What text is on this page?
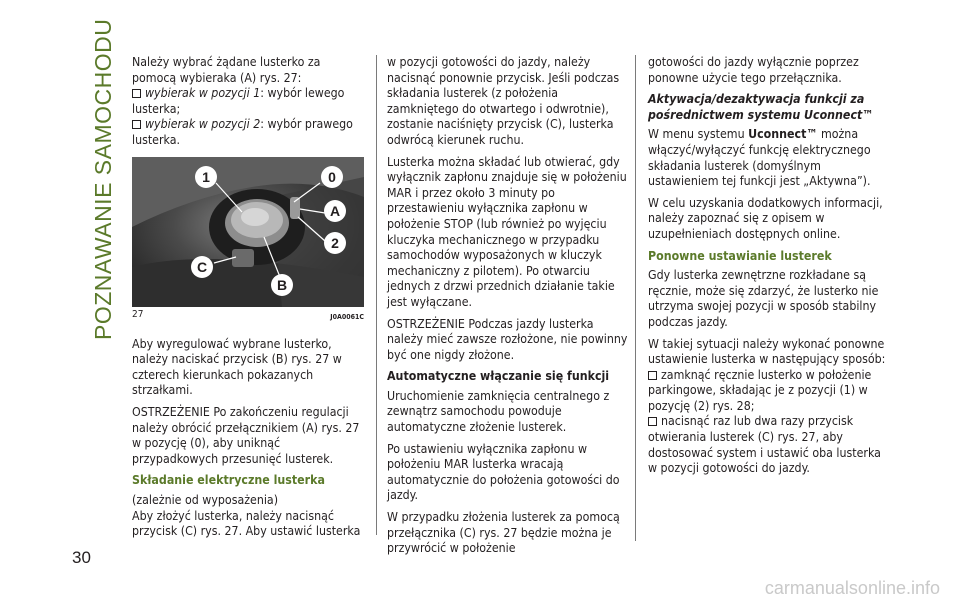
POZNAWANIE SAMOCHODU
30

Należy wybrać żądane lusterko za pomocą wybieraka (A) rys. 27:

wybierak w pozycji 1: wybór lewego lusterka;
wybierak w pozycji 2: wybór prawego lusterka.
1	0
A
2
C
B
27	J0A0061C

Aby wyregulować wybrane lusterko, należy naciskać przycisk (B) rys. 27 w czterech kierunkach pokazanych strzałkami.

OSTRZEŻENIE Po zakończeniu regulacji należy obrócić przełącznikiem (A) rys. 27 w pozycję (0), aby uniknąć przypadkowych przesunięć lusterek.

Składanie elektryczne lusterka

(zależnie od wyposażenia)

Aby złożyć lusterka, należy nacisnąć przycisk (C) rys. 27. Aby ustawić lusterka

w pozycji gotowości do jazdy, należy nacisnąć ponownie przycisk. Jeśli podczas składania lusterek (z położenia zamkniętego do otwartego i odwrotnie), zostanie naciśnięty przycisk (C), lusterka odwrócą kierunek ruchu.

Lusterka można składać lub otwierać, gdy wyłącznik zapłonu znajduje się w położeniu MAR i przez około 3 minuty po przestawieniu wyłącznika zapłonu w położenie STOP (lub również po wyjęciu kluczyka mechanicznego w przypadku samochodów wyposażonych w kluczyk mechaniczny z pilotem). Po otwarciu jednych z drzwi przednich działanie takie jest wyłączane.

OSTRZEŻENIE Podczas jazdy lusterka należy mieć zawsze rozłożone, nie powinny być one nigdy złożone.

Automatyczne włączanie się funkcji

Uruchomienie zamknięcia centralnego z zewnątrz samochodu powoduje automatyczne złożenie lusterek.

Po ustawieniu wyłącznika zapłonu w położeniu MAR lusterka wracają automatycznie do położenia gotowości do jazdy.

W przypadku złożenia lusterek za pomocą przełącznika (C) rys. 27 będzie można je przywrócić w położenie

gotowości do jazdy wyłącznie poprzez ponowne użycie tego przełącznika.

Aktywacja/dezaktywacja funkcji za pośrednictwem systemu Uconnect™

W menu systemu Uconnect™ można włączyć/wyłączyć funkcję elektrycznego składania lusterek (domyślnym ustawieniem tej funkcji jest „Aktywna”).

W celu uzyskania dodatkowych informacji, należy zapoznać się z opisem w uzupełnieniach dostępnych online.

Ponowne ustawianie lusterek

Gdy lusterka zewnętrzne rozkładane są ręcznie, może się zdarzyć, że lusterko nie utrzyma swojej pozycji w sposób stabilny podczas jazdy.

W takiej sytuacji należy wykonać ponowne ustawienie lusterka w następujący sposób:

zamknąć ręcznie lusterko w położenie parkingowe, składając je z pozycji (1) w pozycję (2) rys. 28;
nacisnąć raz lub dwa razy przycisk otwierania lusterek (C) rys. 27, aby dostosować system i ustawić oba lusterka w pozycji gotowości do jazdy.
carmanualsonline.info
